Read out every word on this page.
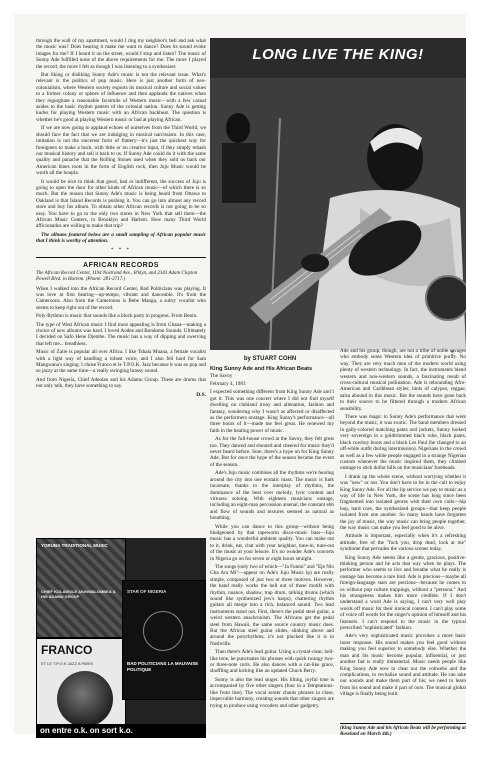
through the wall of my apartment, would I ring my neighbor's bell and ask what the music was? Does hearing it make me want to dance? Does its sound evoke images for me? If I heard it on the street, would I stop and listen? The music of Sunny Ade fulfilled none of the above requirements for me. The more I played the record, the more I felt as though I was listening to a synthesizer.

But liking or disliking Sunny Ade's music is not the relevant issue. What's relevant is the politics of pop music. Here is just another form of neo-colonialism, where Western society exports its musical culture and social values to a former colony or sphere of influence and then applauds the natives when they regurgitate a reasonable facsimile of Western music—with a few casual asides to the basic rhythm pattern of the colonial nation. Sunny Ade is getting kudos for playing Western music with an African backbeat. The question is whether he's good at playing Western music or bad at playing African.

If we are now going to applaud echoes of ourselves from the Third World, we should face the fact that we are indulging in musical narcissism. In this case, imitation is not the sincerest form of flattery—it's just the quickest way for foreigners to make a buck, with little or no creative input, if they simply rehash our musical history and sell it back to us. If Sunny Ade could do it with the same quality and panache that the Rolling Stones used when they sold us back our American blues roots in the form of English rock, then Juju Music would be worth all the hoopla.

It would be nice to think that good, bad or indifferent, the success of Juju is going to open the door for other kinds of African music—of which there is so much. But the reason that Sunny Ade's music is being heard from Ottawa to Oakland is that Island Records is pushing it. You can go into almost any record store and buy his album. To obtain other African records is not going to be so easy. You have to go to the only two stores in New York that sell them—the African Music Centers, in Brooklyn and Harlem. How many Third World afficionados are willing to make that trip?

The albums featured below are a small sampling of African popular music that I think is worthy of attention.

* * *
AFRICAN RECORDS
The African Record Center, 1194 Nostrand Ave., B'klyn, and 2343 Adam Clayton Powell Blvd. in Harlem. (Phone: 281-2717.)

When I walked into the African Record Center, Bad Politicians was playing. It was love at first hearing—up-tempo, vibrant and danceable. It's from the Cameroons. Also from the Cameroons is Bebe Manga, a sultry vocalist who seems to keep right out of the record.

Poly-Rythmo is music that sounds like a block party in progress. From Benin.

The type of West African music I find most appealing is from Ghana—making a choice of new albums was hard. I loved Aodee and Bondome Sounds. Ultimately I decided on Safo Hene Djembe. The music has a way of dipping and swerving that left me... breathless.

Music of Zaire is popular all over Africa. I like Tshala Muana, a female vocalist with a light way of handling a robust voice, and I also fell hard for Sam Mangwana's singing. I chose Franco et le T.P.O.K. Jazz because it was so pop and so jazzy at the same time—a really swinging brassy sound.

And from Nigeria, Chief Adeolan and his Adamu Group. These are drums that not only talk, they have something to say.

D.S.
YORUBA TRADITIONAL MUSIC
CHIEF KOLAWOLE AKINWALOMBEA & HIS ADAMU GROUP
FRANCO
ET LE T.P.O.K JAZZ A PARIS
STAR OF NIGERIA
BAD POLITICIANS LA MAUVAISE POLITIQUE
on entre o.k. on sort k.o.
LONG LIVE THE KING!
by STUART COHN
King Sunny Ade and His African Beats
The Savoy
February 4, 1983

I expected something different from King Sunny Ade and I got it. This was one concert where I did not find myself dwelling on clubland irony and alienation, fashion and fantasy, wondering why I wasn't as affected or disaffected as the performers onstage. King Sunny's performance—all three hours of it—made me feel great. He renewed my faith in the healing power of music.

As for the full-house crowd at the Savoy, they felt great too. They danced and shouted and cheered for music they'd never heard before. Sure, there's a hype on for King Sunny Ade. But for once the hype of the season became the event of the season.

Ade's Juju music combines all the rhythms we're hearing around the city into one ecstatic mass. The music is funk incarnate, thanks to the interplay of rhythms, the dominance of the beat over melody, lyric content and virtuoso soloing. With eighteen musicians onstage, including an eight-man percussion arsenal, the constant ebb and flow of sounds and textures seemed as natural as breathing.

While you can dance to this group—without being bludgeoned by that tapeworm disco-music bass—Juju music has a wonderful ambient quality. You can make out to it, drink, eat, chat with your neighbor, tune-in, tune-out of the music at your leisure. It's no wonder Ade's concerts in Nigeria go on for seven or eight hours straight.

The songs (only two of which—"Ja Funmi" and "Eje Nlo Gba Ara Mi"—appear on Ade's Juju Music lp) are really simple, composed of just two or three motives. However, the band really works the hell out of those motifs with rhythm, nuance, shadow, trap drum, talking drums (which sound like synthesized jew's harps), chattering rhythm guitars all merge into a rich, balanced sound. Two lead instruments stand out. First, there's the pedal steel guitar, a weird western anachronism. The Africans get the pedal steel from Hawaii, the same source country music does. But the African steel guitar slides, slinking above and around the polyrhythms; it's not plucked like it is in Nashville.

Then there's Ade's lead guitar. Using a crystal-clear, bell-like tone, he punctuates his phrases with quick twangy two- or three-note curls. He also dances with a cat-like grace, shuffling and kicking like an updated Chuck Berry.

Sunny is also the lead singer. His lilting, joyful tone is accompanied by five other singers (four in a Temptations-like front line). The vocal sexter chants phrases in close, impeccable harmony, creating sounds that other singers are trying to produce using vocoders and other gadgetry.

Ade and his group, though, are not a tribe of noble savages who embody some Western idea of primitive purity. No way. They are very much men of the modern world using plenty of western technology. In fact, the instruments blend western and non-western sounds, a fascinating result of cross-cultural musical pollination. Ade is rebounding Afro-American and Caribbean styles; hints of calypso, reggae, salsa abound in this music. But the sounds have gone back to their source to be filtered through a modern African sensibility.

There was magic in Sunny Ade's performance that went beyond the music, it was exotic. The band members dressed in gaily-colored matching pants and jackets, Sunny looked very sovereign in a goldtrimmed black robe, black pants, black cowboy boots and a black Les Paul (he changed to an off-white outfit during intermission). Nigerians in the crowd as well as a few white people engaged in a strange Nigerian custom whenever the music inspired them, they climbed onstage to stick dollar bills on the musicians' foreheads.

I drank up the whole scene, without worrying whether it was "new" or not. You don't have to be in the cult to enjoy King Sunny Ade. For all the lip service we pay to music as a way of life in New York, the scene has long since been fragmented into isolated genres with their own cults—hip hop, hard core, the synthesized groups—that keep people isolated from one another. So many bands have forgotten the joy of music, the way music can bring people together, the way music can make you feel good to be alive.

Attitude is important, especially when it's a refreshing attitude, free of the "fuck you, drop dead, look at me" syndrome that pervades the various scenes today.

King Sunny Ade seems like a gentle, gracious, positive-thinking person and he acts that way when he plays. The performer who seems to live and breathe what he really is onstage has become a rare bird. Ade is precious—maybe all foreign-language stars are precious—because he comes to us without pop culture trappings, without a "persona." And his strangeness makes him more credible. If I don't understand a word Ade is saying, I can't very well play words off music for their ironical content. I can't play some of voice off words for the singer's opinion of himself and his listeners. I can't respond to the music in the typical prescribed "sophisticated" fashion.

Ade's very sophisticated music provokes a more basic inner response. His sound makes you feel good without making you feel superior to somebody else. Whether the man and his music become popular, influential, or just another fad is really immaterial. Music needs people like King Sunny Ade now to clear out the cobwebs and the complications, to revitalize sound and attitude. He can take our sounds and make them part of his; we need to learn from his sound and make it part of ours. The musical global village is finally being built.

(King Sunny Ade and his African Beats will be performing at Roseland on March 4th.)
